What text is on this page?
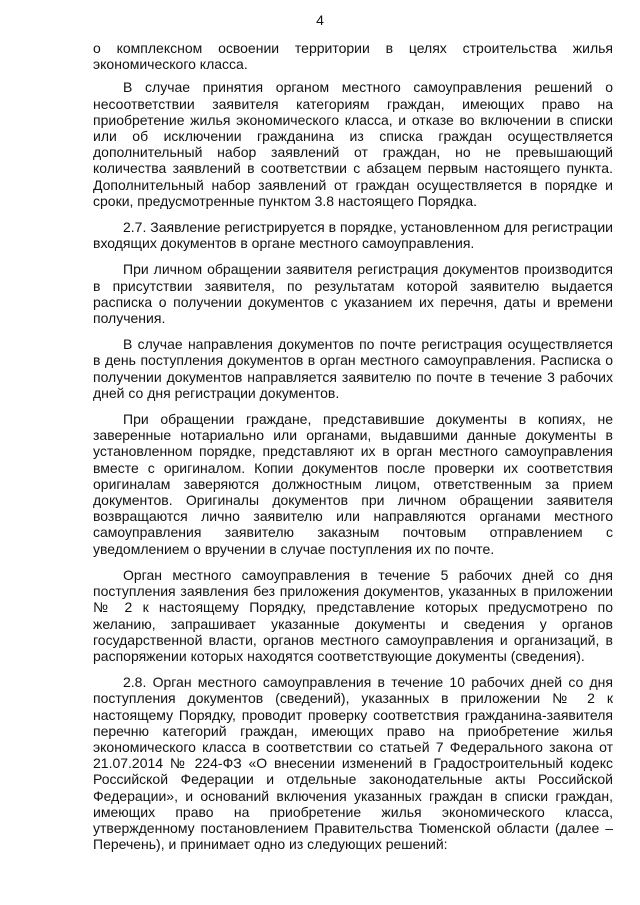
4

о комплексном освоении территории в целях строительства жилья экономического класса.

В случае принятия органом местного самоуправления решений о несоответствии заявителя категориям граждан, имеющих право на приобретение жилья экономического класса, и отказе во включении в списки или об исключении гражданина из списка граждан осуществляется дополнительный набор заявлений от граждан, но не превышающий количества заявлений в соответствии с абзацем первым настоящего пункта. Дополнительный набор заявлений от граждан осуществляется в порядке и сроки, предусмотренные пунктом 3.8 настоящего Порядка.

2.7. Заявление регистрируется в порядке, установленном для регистрации входящих документов в органе местного самоуправления.

При личном обращении заявителя регистрация документов производится в присутствии заявителя, по результатам которой заявителю выдается расписка о получении документов с указанием их перечня, даты и времени получения.

В случае направления документов по почте регистрация осуществляется в день поступления документов в орган местного самоуправления. Расписка о получении документов направляется заявителю по почте в течение 3 рабочих дней со дня регистрации документов.

При обращении граждане, представившие документы в копиях, не заверенные нотариально или органами, выдавшими данные документы в установленном порядке, представляют их в орган местного самоуправления вместе с оригиналом. Копии документов после проверки их соответствия оригиналам заверяются должностным лицом, ответственным за прием документов. Оригиналы документов при личном обращении заявителя возвращаются лично заявителю или направляются органами местного самоуправления заявителю заказным почтовым отправлением с уведомлением о вручении в случае поступления их по почте.

Орган местного самоуправления в течение 5 рабочих дней со дня поступления заявления без приложения документов, указанных в приложении № 2 к настоящему Порядку, представление которых предусмотрено по желанию, запрашивает указанные документы и сведения у органов государственной власти, органов местного самоуправления и организаций, в распоряжении которых находятся соответствующие документы (сведения).

2.8. Орган местного самоуправления в течение 10 рабочих дней со дня поступления документов (сведений), указанных в приложении № 2 к настоящему Порядку, проводит проверку соответствия гражданина-заявителя перечню категорий граждан, имеющих право на приобретение жилья экономического класса в соответствии со статьей 7 Федерального закона от 21.07.2014 № 224-ФЗ «О внесении изменений в Градостроительный кодекс Российской Федерации и отдельные законодательные акты Российской Федерации», и оснований включения указанных граждан в списки граждан, имеющих право на приобретение жилья экономического класса, утвержденному постановлением Правительства Тюменской области (далее – Перечень), и принимает одно из следующих решений:
